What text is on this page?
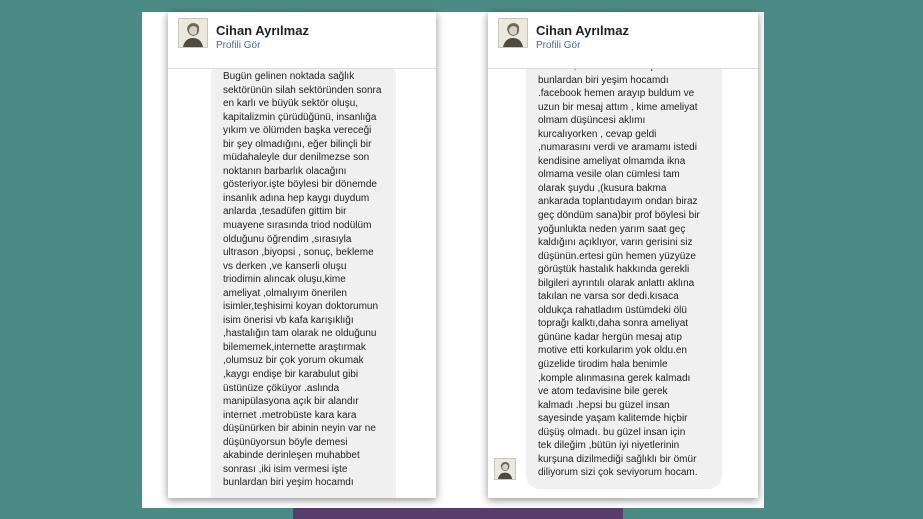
Cihan Ayrılmaz
Profili Gör
Bugün gelinen noktada sağlık
sektörünün silah sektöründen sonra
en karlı ve büyük sektör oluşu,
kapitalizmin çürüdüğünü, insanlığa
yıkım ve ölümden başka vereceği
bir şey olmadığını, eğer bilinçli bir
müdahaleyle dur denilmezse son
noktanın barbarlık olacağını
gösteriyor.işte böylesi bir dönemde
insanlık adına hep kaygı duydum
anlarda ,tesadüfen gittim bir
muayene sırasında triod nodülüm
olduğunu öğrendim ,sırasıyla
ultrason ,biyopsi , sonuç, bekleme
vs derken ,ve kanserli oluşu
triodimin alıncak oluşu,kime
ameliyat ,olmalıyım önerilen
isimler,teşhisimi koyan doktorumun
isim önerisi vb kafa karışıklığı
,hastalığın tam olarak ne olduğunu
bilememek,internette araştırmak
,olumsuz bir çok yorum okumak
,kaygı endişe bir karabulut gibi
üstünüze çöküyor .aslında
manipülasyona açık bir alandır
internet .metrobüste kara kara
düşünürken bir abinin neyin var ne
düşünüyorsun böyle demesi
akabinde derinleşen muhabbet
sonrası ,iki isim vermesi işte
bunlardan biri yeşim hocamdı
Cihan Ayrılmaz
Profili Gör
bunlardan biri yeşim hocamdı
.facebook hemen arayıp buldum ve
uzun bir mesaj attım , kime ameliyat
olmam düşüncesi aklımı
kurcalıyorken , cevap geldi
,numarasını verdi ve aramamı istedi
kendisine ameliyat olmamda ikna
olmama vesile olan cümlesi tam
olarak şuydu ,(kusura bakma
ankarada toplantıdayım ondan biraz
geç döndüm sana)bir prof böylesi bir
yoğunlukta neden yarım saat geç
kaldığını açıklıyor, varın gerisini siz
düşünün.ertesi gün hemen yüzyüze
görüştük hastalık hakkında gerekli
bilgileri ayrıntılı olarak anlattı aklına
takılan ne varsa sor dedi.kısaca
oldukça rahatladım üstümdeki ölü
toprağı kalktı,daha sonra ameliyat
gününe kadar hergün mesaj atıp
motive etti korkularım yok oldu.en
güzelide tirodim hala benimle
,komple alınmasına gerek kalmadı
ve atom tedavisine bile gerek
kalmadı .hepsi bu güzel insan
sayesinde yaşam kalitemde hiçbir
düşüş olmadı. bu güzel insan için
tek dileğim ,bütün iyi niyetlerinin
kurşuna dizilmediği sağlıklı bir ömür
diliyorum sizi çok seviyorum hocam.
